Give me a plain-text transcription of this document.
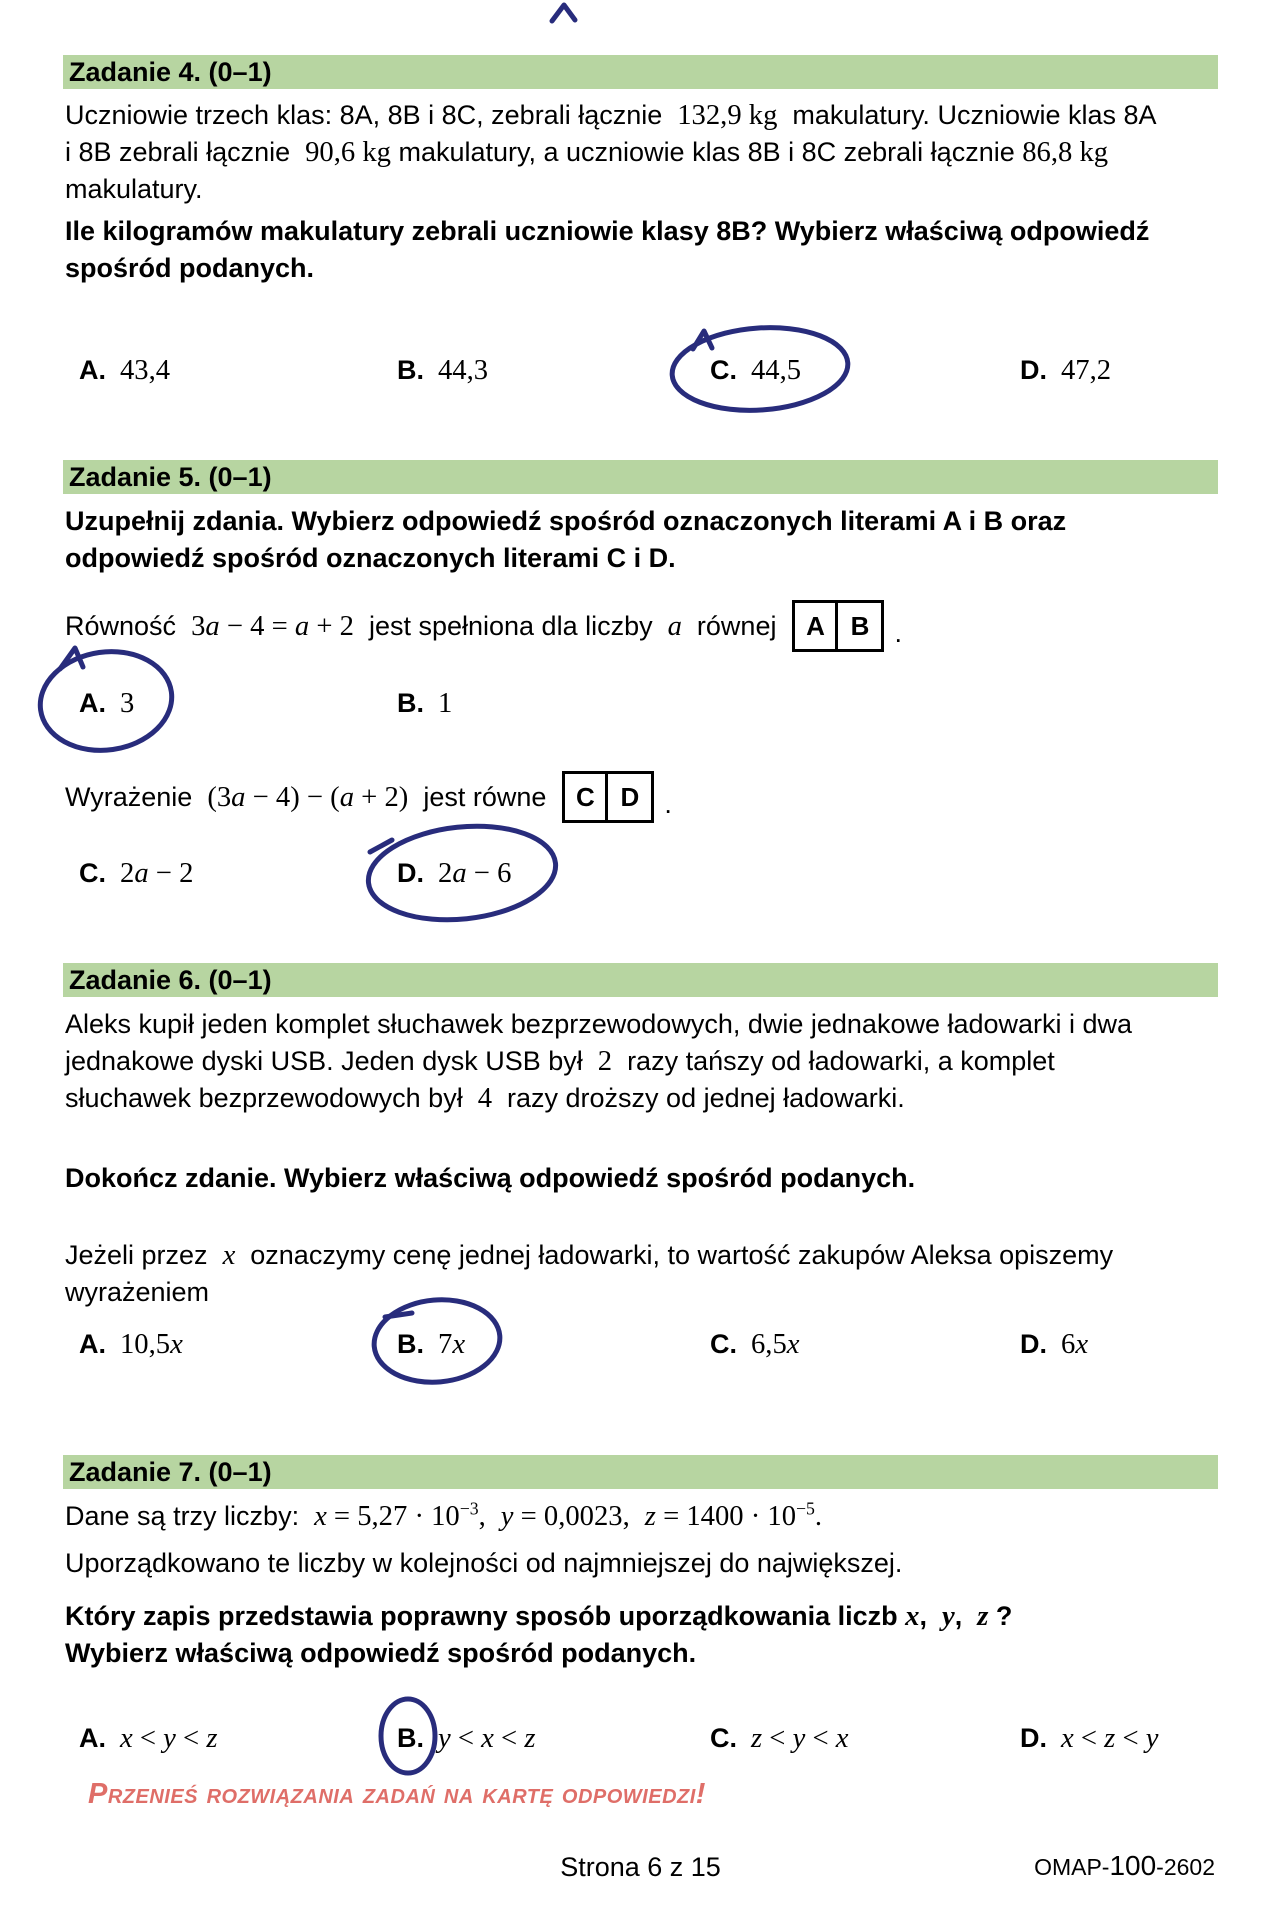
Zadanie 4. (0–1)
Uczniowie trzech klas: 8A, 8B i 8C, zebrali łącznie  132,9 kg  makulatury. Uczniowie klas 8A
i 8B zebrali łącznie  90,6 kg makulatury, a uczniowie klas 8B i 8C zebrali łącznie 86,8 kg
makulatury.
Ile kilogramów makulatury zebrali uczniowie klasy 8B? Wybierz właściwą odpowiedź
spośród podanych.
A. 43,4	B. 44,3	C. 44,5	D. 47,2
Zadanie 5. (0–1)
Uzupełnij zdania. Wybierz odpowiedź spośród oznaczonych literami A i B oraz
odpowiedź spośród oznaczonych literami C i D.
Równość  3a − 4 = a + 2  jest spełniona dla liczby  a  równej	A B .
A. 3	B. 1
Wyrażenie  (3a − 4) − (a + 2)  jest równe	C D .
C. 2a − 2	D. 2a − 6
Zadanie 6. (0–1)
Aleks kupił jeden komplet słuchawek bezprzewodowych, dwie jednakowe ładowarki i dwa
jednakowe dyski USB. Jeden dysk USB był  2  razy tańszy od ładowarki, a komplet
słuchawek bezprzewodowych był  4  razy droższy od jednej ładowarki.
Dokończ zdanie. Wybierz właściwą odpowiedź spośród podanych.
Jeżeli przez  x  oznaczymy cenę jednej ładowarki, to wartość zakupów Aleksa opiszemy
wyrażeniem
A. 10,5x	B. 7x	C. 6,5x	D. 6x
Zadanie 7. (0–1)
Dane są trzy liczby:  $x = 5,27 \cdot 10^{-3}$, y = 0,0023, $z = 1400 \cdot 10^{-5}$.
Uporządkowano te liczby w kolejności od najmniejszej do największej.
Który zapis przedstawia poprawny sposób uporządkowania liczb x,  y,  z ?
Wybierz właściwą odpowiedź spośród podanych.
A. x < y < z	B. y < x < z	C. z < y < x	D. x < z < y
Przenieś rozwiązania zadań na kartę odpowiedzi!
Strona 6 z 15	OMAP- 100 -2602
